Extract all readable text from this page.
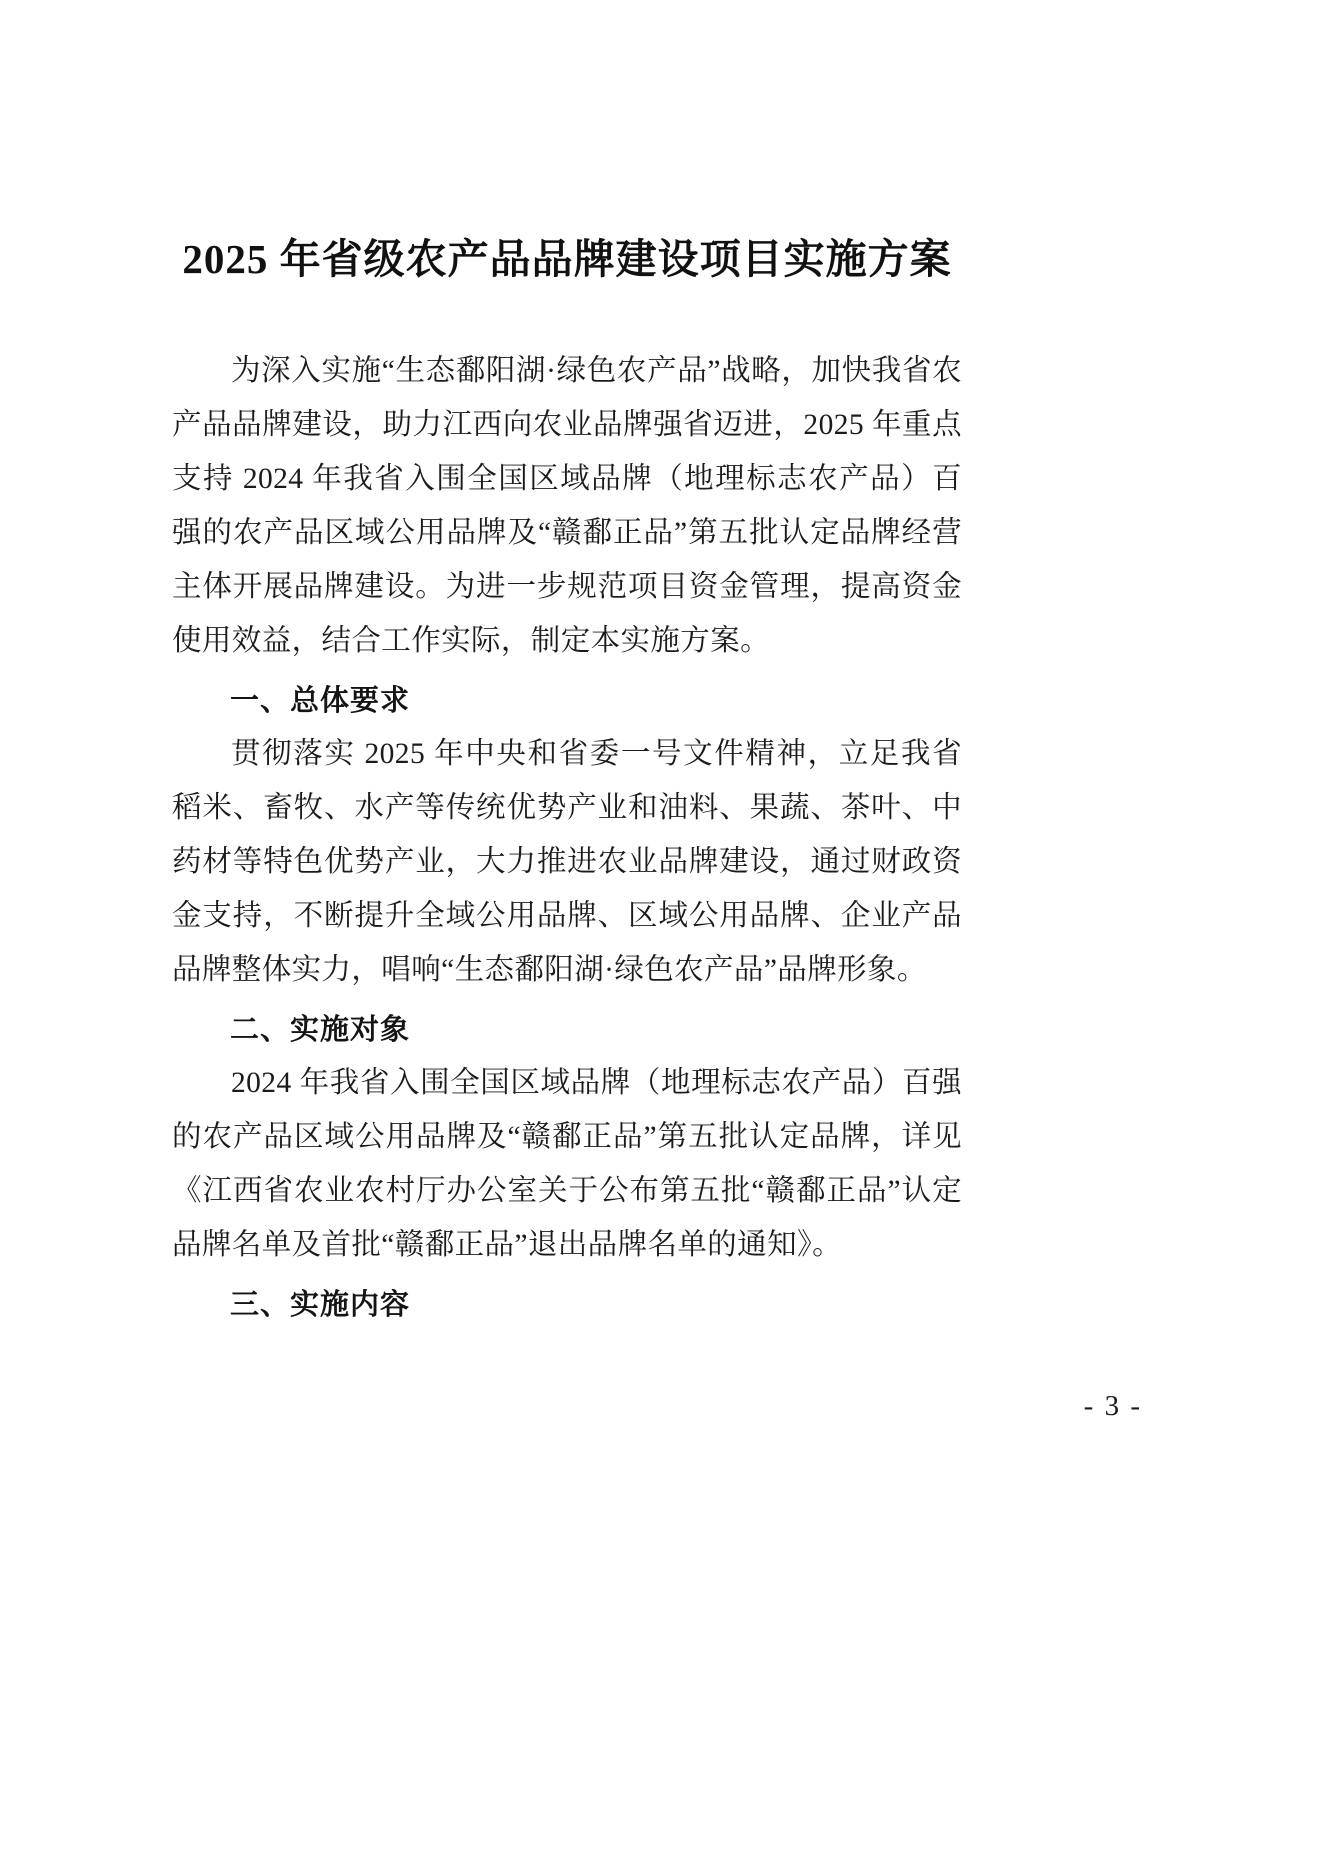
2025 年省级农产品品牌建设项目实施方案

为深入实施“生态鄱阳湖·绿色农产品”战略，加快我省农产品品牌建设，助力江西向农业品牌强省迈进，2025 年重点支持 2024 年我省入围全国区域品牌（地理标志农产品）百强的农产品区域公用品牌及“赣鄱正品”第五批认定品牌经营主体开展品牌建设。为进一步规范项目资金管理，提高资金使用效益，结合工作实际，制定本实施方案。

一、总体要求

贯彻落实 2025 年中央和省委一号文件精神，立足我省稻米、畜牧、水产等传统优势产业和油料、果蔬、茶叶、中药材等特色优势产业，大力推进农业品牌建设，通过财政资金支持，不断提升全域公用品牌、区域公用品牌、企业产品品牌整体实力，唱响“生态鄱阳湖·绿色农产品”品牌形象。

二、实施对象

2024 年我省入围全国区域品牌（地理标志农产品）百强的农产品区域公用品牌及“赣鄱正品”第五批认定品牌，详见《江西省农业农村厅办公室关于公布第五批“赣鄱正品”认定品牌名单及首批“赣鄱正品”退出品牌名单的通知》。

三、实施内容
- 3 -
